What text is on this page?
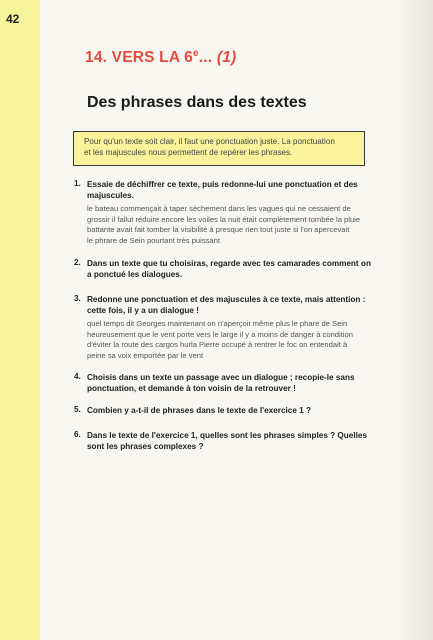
42
14. VERS LA 6e... (1)
Des phrases dans des textes
Pour qu'un texte soit clair, il faut une ponctuation juste. La ponctuation
et les majuscules nous permettent de repérer les phrases.
1. Essaie de déchiffrer ce texte, puis redonne-lui une ponctuation et des
majuscules.
le bateau commençait à taper sèchement dans les vagues qui ne cessaient de
grossir il fallut réduire encore les voiles la nuit était complètement tombée la pluie
battante avait fait tomber la visibilité à presque rien tout juste si l'on apercevait
le phrare de Sein pourtant très puissant
2. Dans un texte que tu choisiras, regarde avec tes camarades comment on
a ponctué les dialogues.
3. Redonne une ponctuation et des majuscules à ce texte, mais attention :
cette fois, il y a un dialogue !
quel temps dit Georges maintenant on n'aperçoit même plus le phare de Sein
heureusement que le vent porte vers le large il y a moins de danger à condition
d'éviter la route des cargos hurla Pierre occupé à rentrer le foc on entendait à
peine sa voix emportée par le vent
4. Choisis dans un texte un passage avec un dialogue ; recopie-le sans
ponctuation, et demande à ton voisin de la retrouver !
5. Combien y a-t-il de phrases dans le texte de l'exercice 1 ?
6. Dans le texte de l'exercice 1, quelles sont les phrases simples ? Quelles
sont les phrases complexes ?
